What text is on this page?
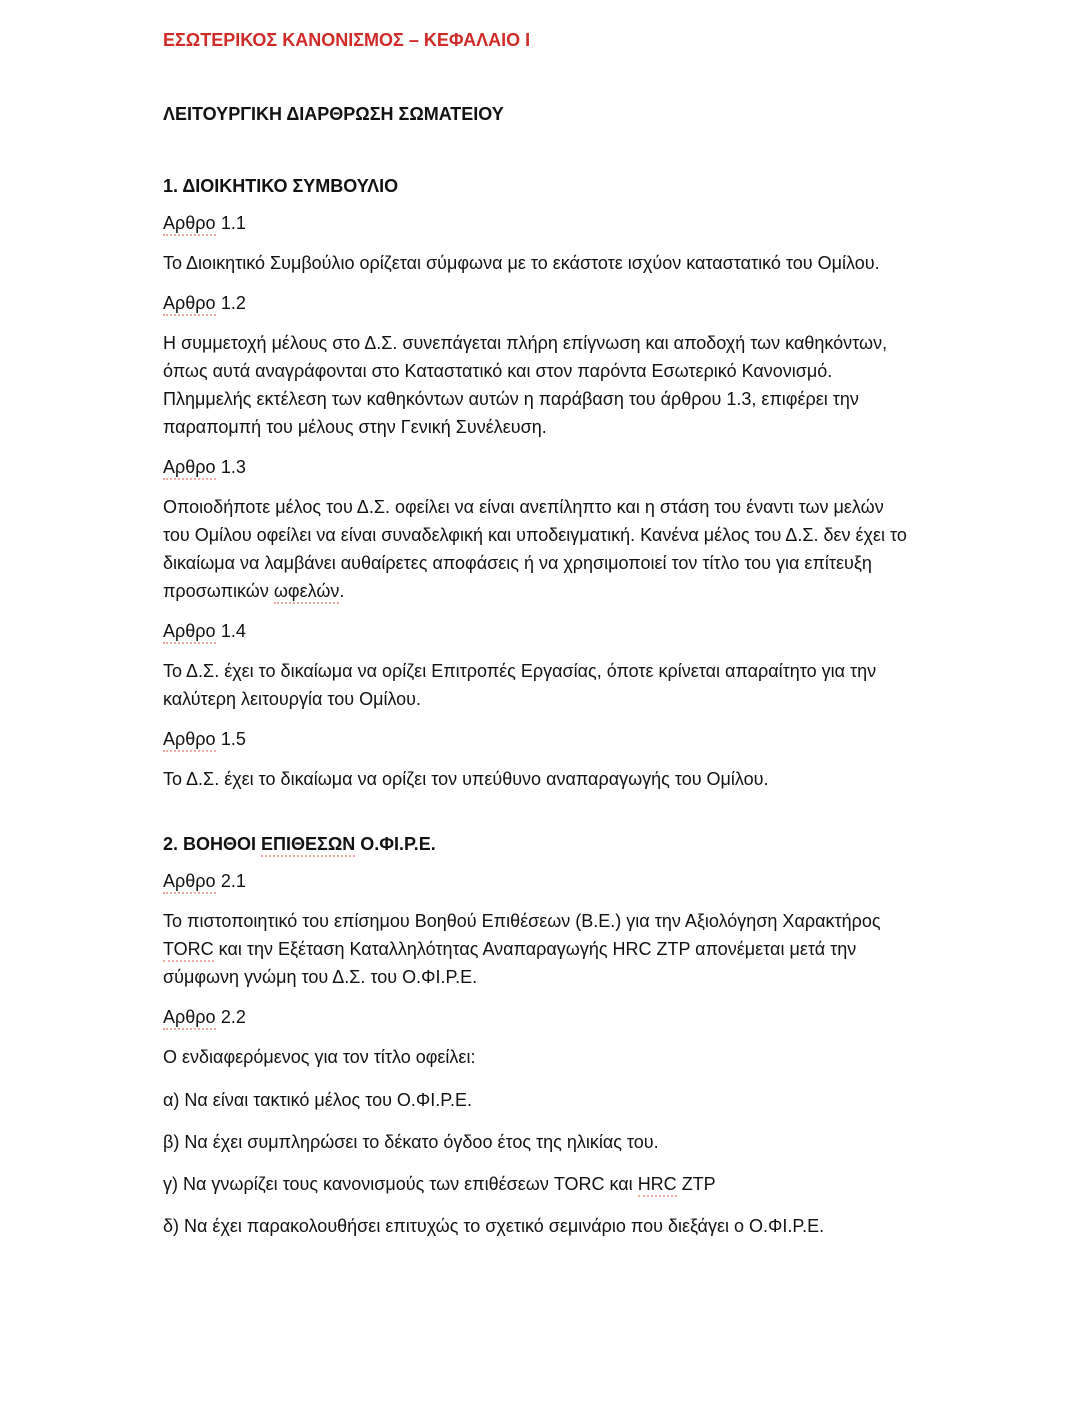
ΕΣΩΤΕΡΙΚΟΣ ΚΑΝΟΝΙΣΜΟΣ – ΚΕΦΑΛΑΙΟ Ι
ΛΕΙΤΟΥΡΓΙΚΗ ΔΙΑΡΘΡΩΣΗ ΣΩΜΑΤΕΙΟΥ
1. ΔΙΟΙΚΗΤΙΚΟ ΣΥΜΒΟΥΛΙΟ

Αρθρο 1.1

Το Διοικητικό Συμβούλιο ορίζεται σύμφωνα με το εκάστοτε ισχύον καταστατικό του Ομίλου.

Αρθρο 1.2

Η συμμετοχή μέλους στο Δ.Σ. συνεπάγεται πλήρη επίγνωση και αποδοχή των καθηκόντων, όπως αυτά αναγράφονται στο Καταστατικό και στον παρόντα Εσωτερικό Κανονισμό. Πλημμελής εκτέλεση των καθηκόντων αυτών η παράβαση του άρθρου 1.3, επιφέρει την παραπομπή του μέλους στην Γενική Συνέλευση.

Αρθρο 1.3

Οποιοδήποτε μέλος του Δ.Σ. οφείλει να είναι ανεπίληπτο και η στάση του έναντι των μελών του Ομίλου οφείλει να είναι συναδελφική και υποδειγματική. Κανένα μέλος του Δ.Σ. δεν έχει το δικαίωμα να λαμβάνει αυθαίρετες αποφάσεις ή να χρησιμοποιεί τον τίτλο του για επίτευξη προσωπικών ωφελών.

Αρθρο 1.4

Το Δ.Σ. έχει το δικαίωμα να ορίζει Επιτροπές Εργασίας, όποτε κρίνεται απαραίτητο για την καλύτερη λειτουργία του Ομίλου.

Αρθρο 1.5

Το Δ.Σ. έχει το δικαίωμα να ορίζει τον υπεύθυνο αναπαραγωγής του Ομίλου.

2. ΒΟΗΘΟΙ ΕΠΙΘΕΣΩΝ Ο.ΦΙ.Ρ.Ε.

Αρθρο 2.1

Το πιστοποιητικό του επίσημου Βοηθού Επιθέσεων (Β.Ε.) για την Αξιολόγηση Χαρακτήρος TORC και την Εξέταση Καταλληλότητας Αναπαραγωγής HRC ZTP απονέμεται μετά την σύμφωνη γνώμη του Δ.Σ. του Ο.ΦΙ.Ρ.Ε.

Αρθρο 2.2

Ο ενδιαφερόμενος για τον τίτλο οφείλει:

α) Να είναι τακτικό μέλος του Ο.ΦΙ.Ρ.Ε.

β) Να έχει συμπληρώσει το δέκατο όγδοο έτος της ηλικίας του.

γ) Να γνωρίζει τους κανονισμούς των επιθέσεων TORC και HRC ZTP

δ) Να έχει παρακολουθήσει επιτυχώς το σχετικό σεμινάριο που διεξάγει ο Ο.ΦΙ.Ρ.Ε.
